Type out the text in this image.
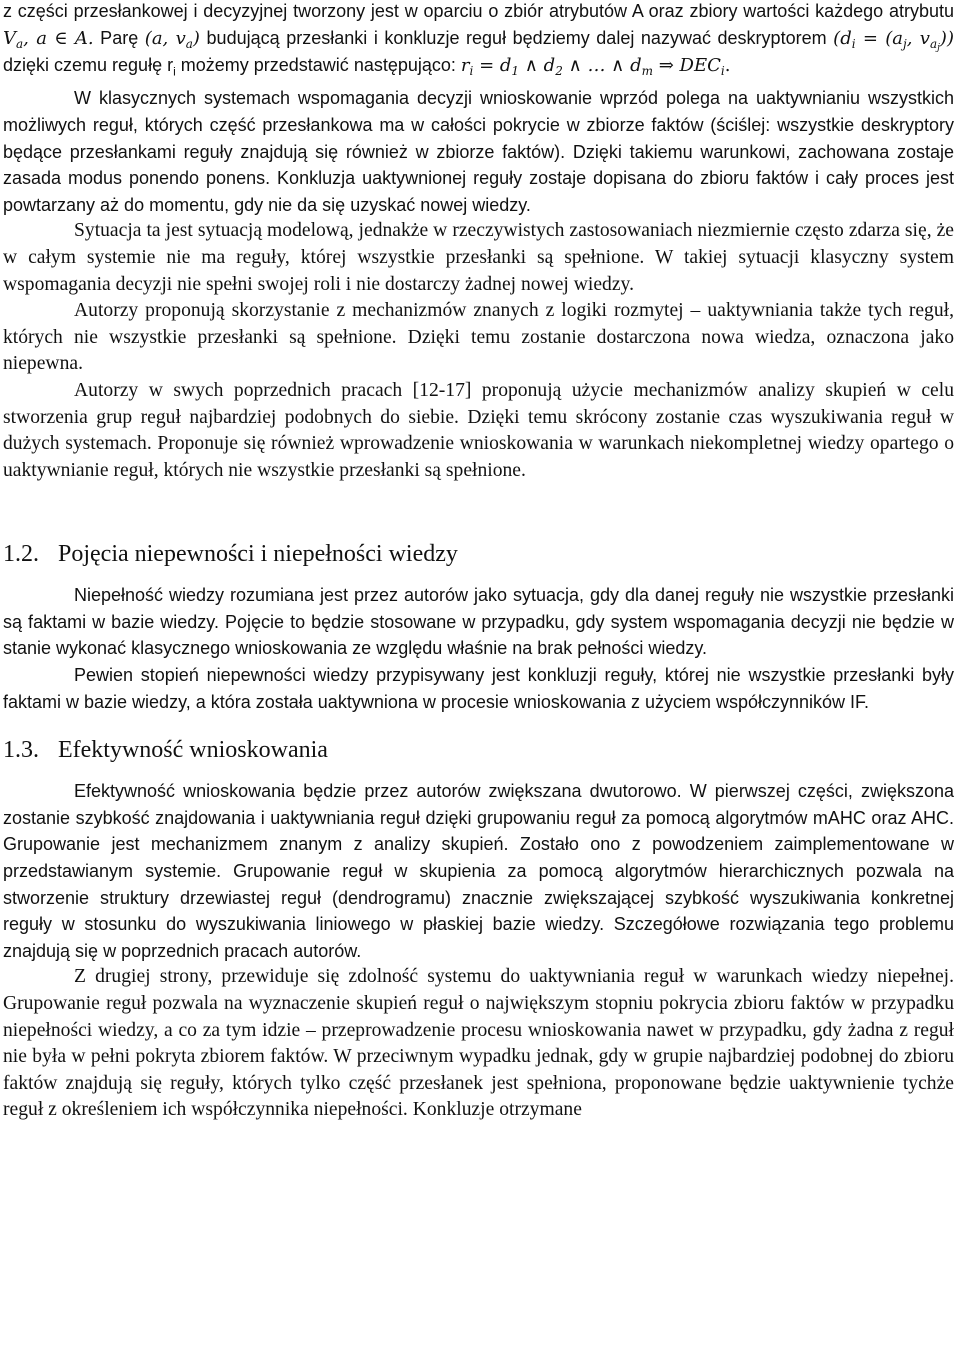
z części przesłankowej i decyzyjnej tworzony jest w oparciu o zbiór atrybutów A oraz zbiory wartości każdego atrybutu $V_a$, a ∈ A. Parę (a, $v_a$) budującą przesłanki i konkluzje reguł będziemy dalej nazywać deskryptorem ($d_i = (a_j$, $v_{a_j}$)) dzięki czemu regułę $r_i$ możemy przedstawić następująco: $r_i = d_1$ ∧ $d_2$ ∧ … ∧ $d_m$ ⇒ $DEC_i$.

W klasycznych systemach wspomagania decyzji wnioskowanie wprzód polega na uaktywnianiu wszystkich możliwych reguł, których część przesłankowa ma w całości pokrycie w zbiorze faktów (ściślej: wszystkie deskryptory będące przesłankami reguły znajdują się również w zbiorze faktów). Dzięki takiemu warunkowi, zachowana zostaje zasada modus ponendo ponens. Konkluzja uaktywnionej reguły zostaje dopisana do zbioru faktów i cały proces jest powtarzany aż do momentu, gdy nie da się uzyskać nowej wiedzy.

Sytuacja ta jest sytuacją modelową, jednakże w rzeczywistych zastosowaniach niezmiernie często zdarza się, że w całym systemie nie ma reguły, której wszystkie przesłanki są spełnione. W takiej sytuacji klasyczny system wspomagania decyzji nie spełni swojej roli i nie dostarczy żadnej nowej wiedzy.

Autorzy proponują skorzystanie z mechanizmów znanych z logiki rozmytej – uaktywniania także tych reguł, których nie wszystkie przesłanki są spełnione. Dzięki temu zostanie dostarczona nowa wiedza, oznaczona jako niepewna.

Autorzy w swych poprzednich pracach [12-17] proponują użycie mechanizmów analizy skupień w celu stworzenia grup reguł najbardziej podobnych do siebie. Dzięki temu skrócony zostanie czas wyszukiwania reguł w dużych systemach. Proponuje się również wprowadzenie wnioskowania w warunkach niekompletnej wiedzy opartego o uaktywnianie reguł, których nie wszystkie przesłanki są spełnione.

1.2. Pojęcia niepewności i niepełności wiedzy

Niepełność wiedzy rozumiana jest przez autorów jako sytuacja, gdy dla danej reguły nie wszystkie przesłanki są faktami w bazie wiedzy. Pojęcie to będzie stosowane w przypadku, gdy system wspomagania decyzji nie będzie w stanie wykonać klasycznego wnioskowania ze względu właśnie na brak pełności wiedzy.

Pewien stopień niepewności wiedzy przypisywany jest konkluzji reguły, której nie wszystkie przesłanki były faktami w bazie wiedzy, a która została uaktywniona w procesie wnioskowania z użyciem współczynników IF.

1.3. Efektywność wnioskowania

Efektywność wnioskowania będzie przez autorów zwiększana dwutorowo. W pierwszej części, zwiększona zostanie szybkość znajdowania i uaktywniania reguł dzięki grupowaniu reguł za pomocą algorytmów mAHC oraz AHC. Grupowanie jest mechanizmem znanym z analizy skupień. Zostało ono z powodzeniem zaimplementowane w przedstawianym systemie. Grupowanie reguł w skupienia za pomocą algorytmów hierarchicznych pozwala na stworzenie struktury drzewiastej reguł (dendrogramu) znacznie zwiększającej szybkość wyszukiwania konkretnej reguły w stosunku do wyszukiwania liniowego w płaskiej bazie wiedzy. Szczegółowe rozwiązania tego problemu znajdują się w poprzednich pracach autorów.

Z drugiej strony, przewiduje się zdolność systemu do uaktywniania reguł w warunkach wiedzy niepełnej. Grupowanie reguł pozwala na wyznaczenie skupień reguł o największym stopniu pokrycia zbioru faktów w przypadku niepełności wiedzy, a co za tym idzie – przeprowadzenie procesu wnioskowania nawet w przypadku, gdy żadna z reguł nie była w pełni pokryta zbiorem faktów. W przeciwnym wypadku jednak, gdy w grupie najbardziej podobnej do zbioru faktów znajdują się reguły, których tylko część przesłanek jest spełniona, proponowane będzie uaktywnienie tychże reguł z określeniem ich współczynnika niepełności. Konkluzje otrzymane
